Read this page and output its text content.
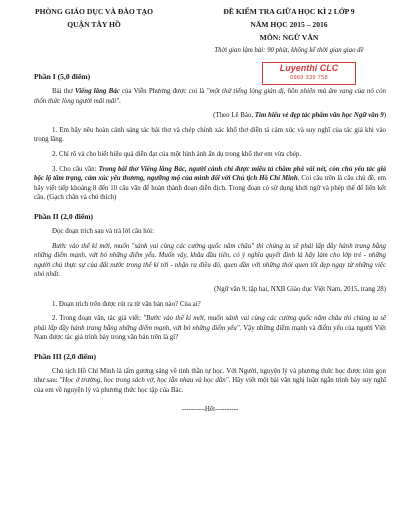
PHÒNG GIÁO DỤC VÀ ĐÀO TẠO
QUẬN TÂY HỒ
ĐỀ KIỂM TRA GIỮA HỌC KÌ 2 LỚP 9
NĂM HỌC 2015 – 2016
MÔN: NGỮ VĂN
Thời gian làm bài: 90 phút, không kể thời gian giao đề
Luyenthi CLC
0969 339 758
Phần I (5,0 điểm)

Bài thơ Viếng lăng Bác của Viễn Phương được coi là "một thứ tiếng lòng giản dị, hồn nhiên mà âm vang của nó còn thốn thức lòng người mãi mãi".

(Theo Lê Bảo, Tìm hiểu vẻ đẹp tác phẩm văn học Ngữ văn 9)

1. Em hãy nêu hoàn cảnh sáng tác bài thơ và chép chính xác khổ thơ diễn tả cảm xúc và suy nghĩ của tác giả khi vào trong lăng.

2. Chỉ rõ và cho biết hiệu quả diễn đạt của một hình ảnh ẩn dụ trong khổ thơ em vừa chép.

3. Cho câu văn: Trong bài thơ Viếng lăng Bác, người cảnh chí được miêu tả chầm phá vài nét, còn chủ yếu tác giả bộc lộ tâm trạng, cảm xúc yêu thương, ngưỡng mộ của mình đối với Chủ tịch Hồ Chí Minh. Coi câu trên là câu chủ đề, em hãy viết tiếp khoảng 8 đến 10 câu văn để hoàn thành đoạn diễn dịch. Trong đoạn có sử dụng khởi ngữ và phép thế để liên kết câu. (Gạch chân và chú thích)

Phần II (2,0 điểm)

Đọc đoạn trích sau và trả lời câu hỏi:

Bước vào thế kỉ mới, muốn "sánh vai cùng các cường quốc năm châu" thì chúng ta sẽ phải lấp đầy hành trang bằng những điểm mạnh, vứt bỏ những điểm yếu. Muốn vậy, khâu đầu tiên, có ý nghĩa quyết định là hãy làm cho lớp trẻ - những người chủ thực sự của đất nước trong thế kỉ tới - nhận ra điều đó, quen dần với những thói quen tốt đẹp ngay từ những việc nhỏ nhất.

(Ngữ văn 9, tập hai, NXB Giáo dục Việt Nam, 2015, trang 28)

1. Đoạn trích trên được rút ra từ văn bản nào? Của ai?

2. Trong đoạn văn, tác giả viết: "Bước vào thế kỉ mới, muốn sánh vai cùng các cường quốc năm châu thì chúng ta sẽ phải lấp đầy hành trang bằng những điểm mạnh, vứt bỏ những điểm yếu". Vậy những điểm mạnh và điểm yếu của người Việt Nam được tác giả trình bày trong văn bản trên là gì?

Phần III (2,0 điểm)

Chủ tịch Hồ Chí Minh là tấm gương sáng về tinh thần tự học. Với Người, nguyện lý và phương thức học được tóm gọn như sau: "Học ở trường, học trong sách vở, học lẫn nhau và học dân". Hãy viết một bài văn nghị luận ngắn trình bày suy nghĩ của em về nguyện lý và phương thức học tập của Bác.

----------Hết----------
